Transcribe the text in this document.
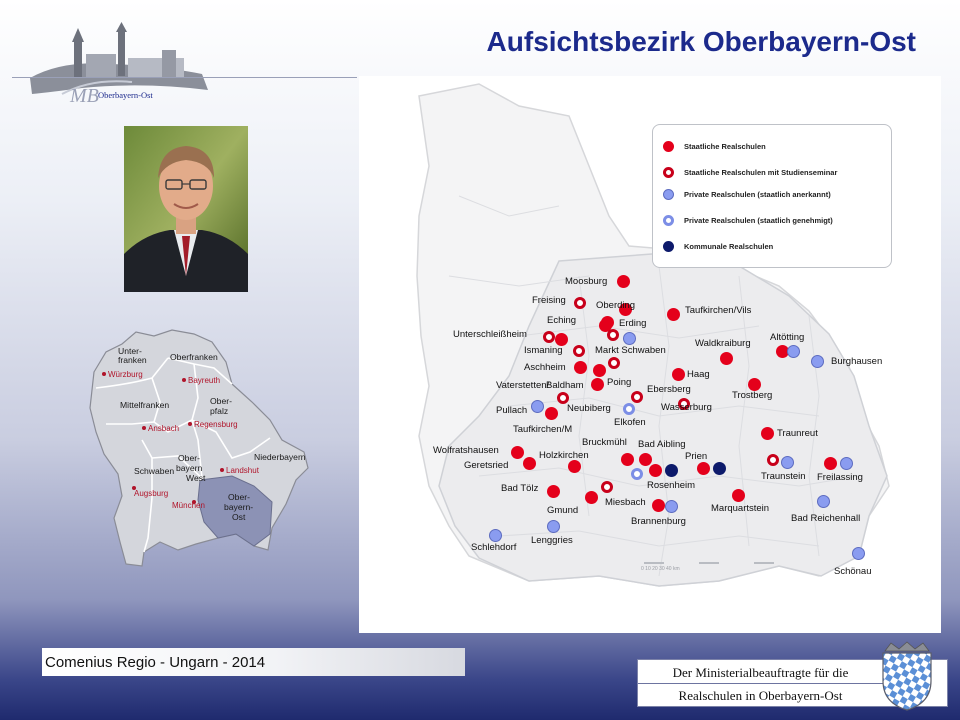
MB Oberbayern-Ost
Aufsichtsbezirk Oberbayern-Ost
Unter-
franken	Oberfranken
Mittelfranken	Ober-
pfalz
Niederbayern
Schwaben
Ober-
bayern
West
Ober-
bayern-
Ost
Würzburg
Bayreuth
Ansbach Regensburg
Landshut
Augsburg
München
0 10 20 30 40 km
Staatliche Realschulen
Staatliche Realschulen mit Studienseminar
Private Realschulen (staatlich anerkannt)
Private Realschulen (staatlich genehmigt)
Kommunale Realschulen
Moosburg
Freising	Oberding	Taufkirchen/Vils
Eching	Erding
Unterschleißheim	Altötting
Ismaning	Markt Schwaben
Waldkraiburg
Burghausen
Aschheim
Haag
Vaterstetten/
Baldham Poing
Ebersberg
Trostberg
Pullach	Neubiberg	Wasserburg
Elkofen
Taufkirchen/M	Traunreut
Bruckmühl Bad Aibling
Wolfratshausen
Prien
Geretsried
Holzkirchen
Traunstein Freilassing
Rosenheim
Bad Tölz
Miesbach
Marquartstein
Gmund
Brannenburg	Bad Reichenhall
Schlehdorf
Lenggries
Schönau
Comenius Regio - Ungarn - 2014
Der Ministerialbeauftragte für die
Realschulen in Oberbayern-Ost
